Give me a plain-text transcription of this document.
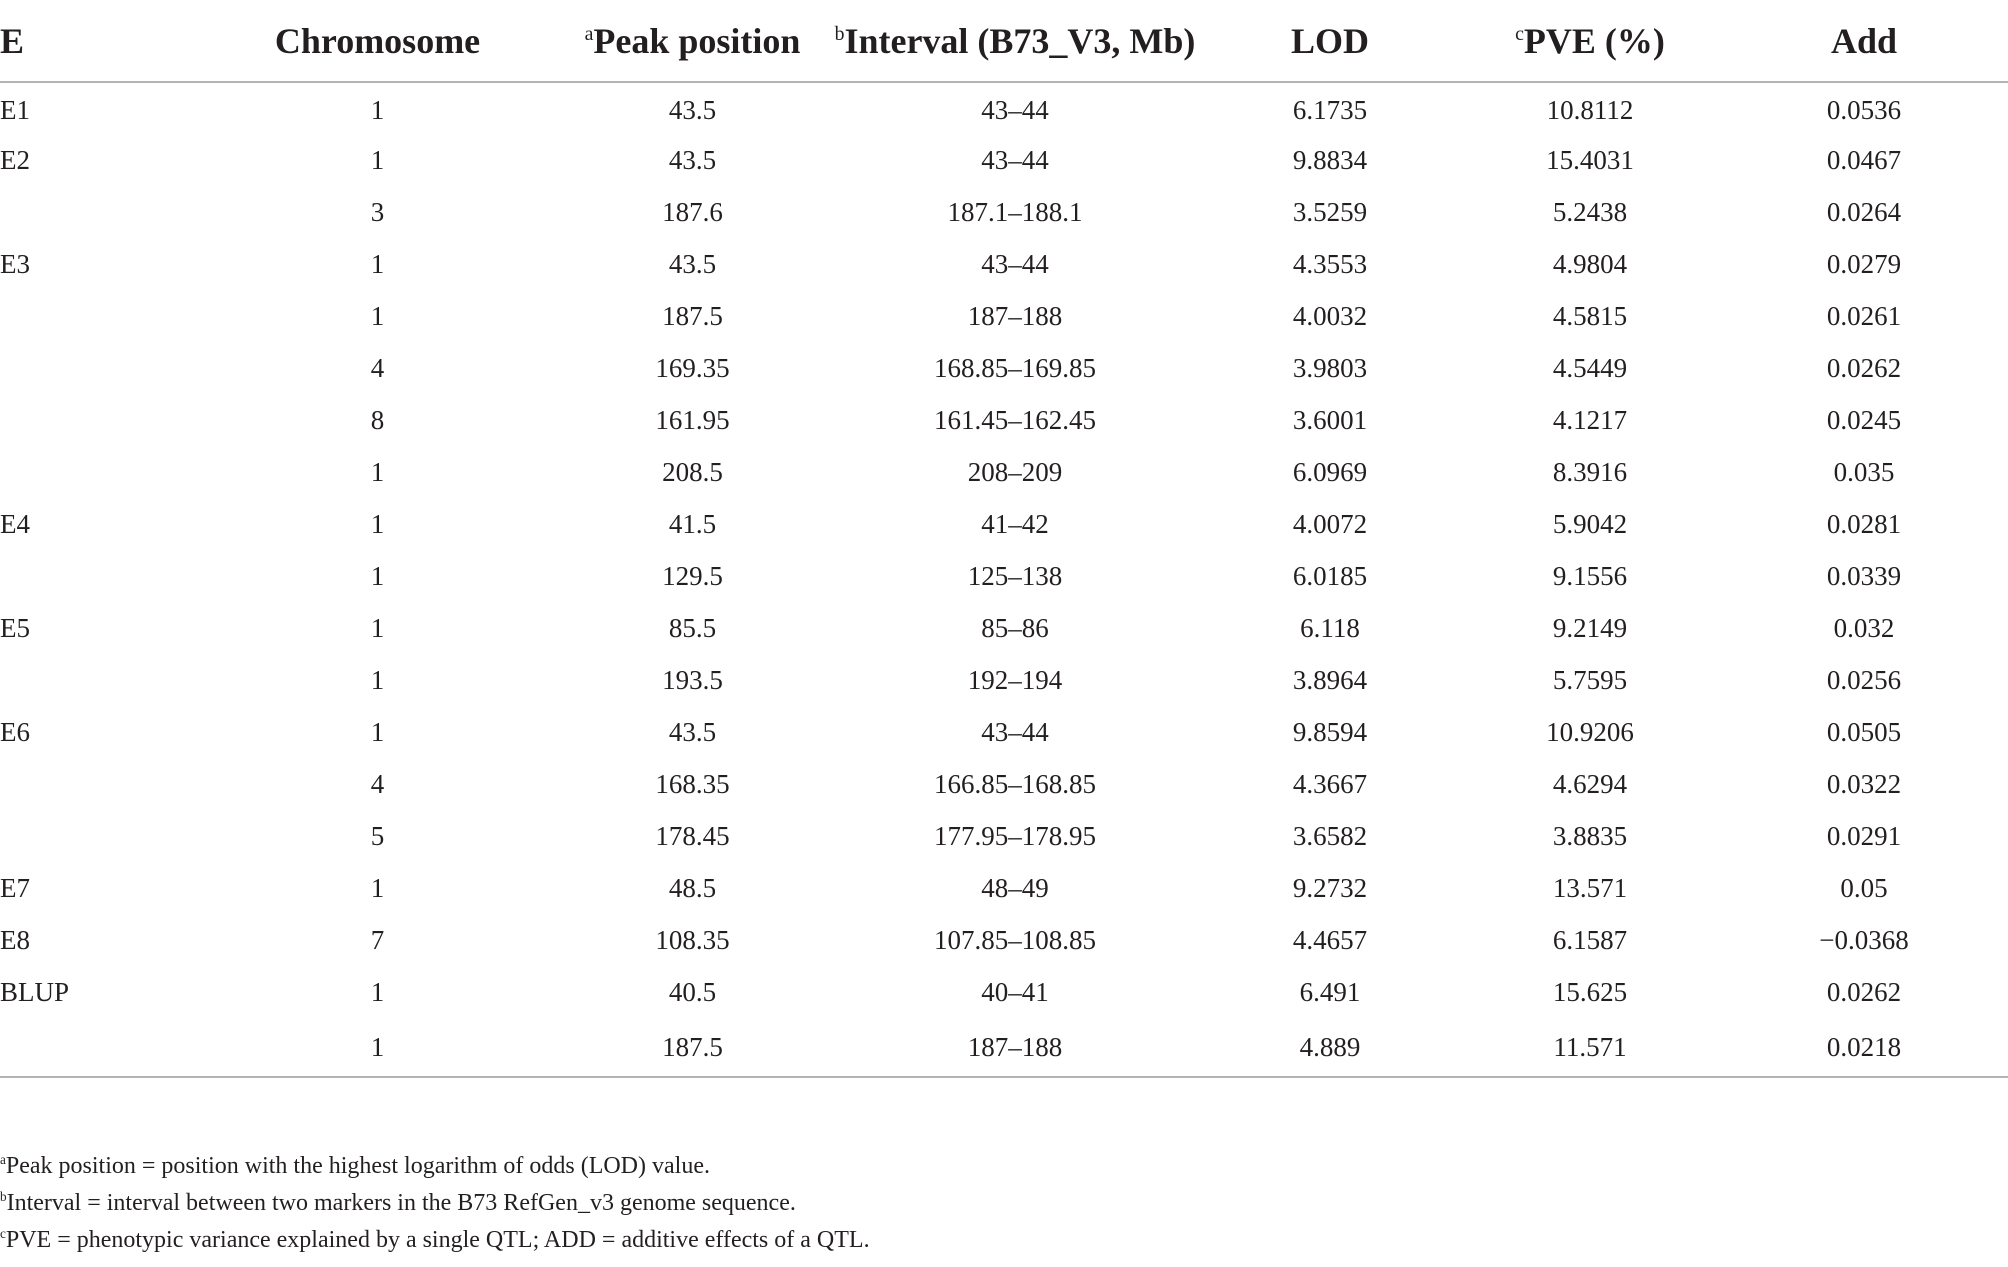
E	Chromosome	$^a$Peak position	$^b$Interval (B73_V3, Mb)	LOD	$^c$PVE (%)	Add
E1	1	43.5	43–44	6.1735	10.8112	0.0536
E2	1	43.5	43–44	9.8834	15.4031	0.0467
	3	187.6	187.1–188.1	3.5259	5.2438	0.0264
E3	1	43.5	43–44	4.3553	4.9804	0.0279
	1	187.5	187–188	4.0032	4.5815	0.0261
	4	169.35	168.85–169.85	3.9803	4.5449	0.0262
	8	161.95	161.45–162.45	3.6001	4.1217	0.0245
	1	208.5	208–209	6.0969	8.3916	0.035
E4	1	41.5	41–42	4.0072	5.9042	0.0281
	1	129.5	125–138	6.0185	9.1556	0.0339
E5	1	85.5	85–86	6.118	9.2149	0.032
	1	193.5	192–194	3.8964	5.7595	0.0256
E6	1	43.5	43–44	9.8594	10.9206	0.0505
	4	168.35	166.85–168.85	4.3667	4.6294	0.0322
	5	178.45	177.95–178.95	3.6582	3.8835	0.0291
E7	1	48.5	48–49	9.2732	13.571	0.05
E8	7	108.35	107.85–108.85	4.4657	6.1587	−0.0368
BLUP	1	40.5	40–41	6.491	15.625	0.0262
	1	187.5	187–188	4.889	11.571	0.0218

$^a$Peak position = position with the highest logarithm of odds (LOD) value.

$^b$Interval = interval between two markers in the B73 RefGen_v3 genome sequence.

$^c$PVE = phenotypic variance explained by a single QTL; ADD = additive effects of a QTL.
